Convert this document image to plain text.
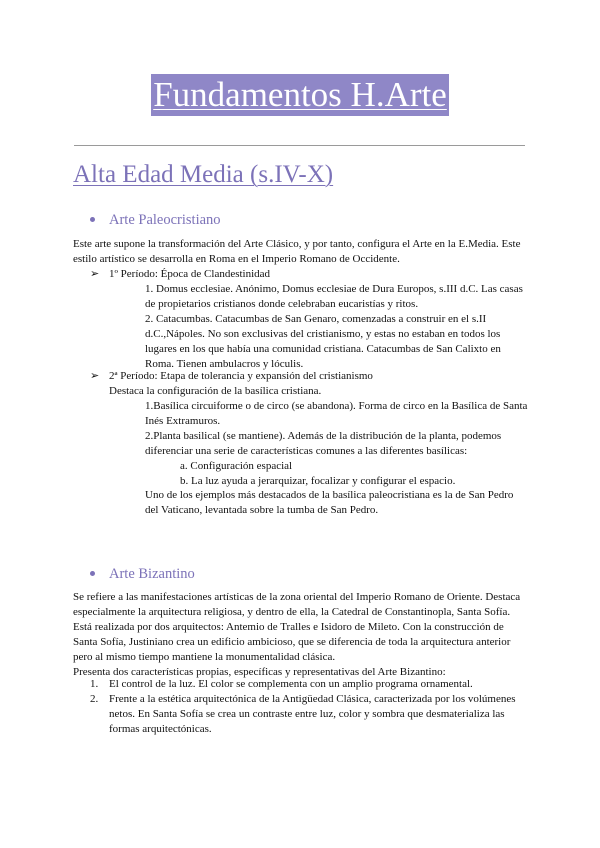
Fundamentos H.Arte
Alta Edad Media (s.IV-X)
Arte Paleocristiano
Este arte supone la transformación del Arte Clásico, y por tanto, configura el Arte en la E.Media. Este estilo artístico se desarrolla en Roma en el Imperio Romano de Occidente.
➢ 1º Período: Época de Clandestinidad

1. Domus ecclesiae. Anónimo, Domus ecclesiae de Dura Europos, s.III d.C. Las casas de propietarios cristianos donde celebraban eucaristías y ritos.

2. Catacumbas. Catacumbas de San Genaro, comenzadas a construir en el s.II d.C.,Nápoles. No son exclusivas del cristianismo, y estas no estaban en todos los lugares en los que había una comunidad cristiana. Catacumbas de San Calixto en Roma. Tienen ambulacros y lóculis.

➢ 2ª Período: Etapa de tolerancia y expansión del cristianismo
Destaca la configuración de la basílica cristiana.

1.Basílica circuiforme o de circo (se abandona). Forma de circo en la Basílica de Santa Inés Extramuros.

2.Planta basilical (se mantiene). Además de la distribución de la planta, podemos diferenciar una serie de características comunes a las diferentes basílicas:

a. Configuración espacial

b. La luz ayuda a jerarquizar, focalizar y configurar el espacio.

Uno de los ejemplos más destacados de la basílica paleocristiana es la de San Pedro del Vaticano, levantada sobre la tumba de San Pedro.
Arte Bizantino

Se refiere a las manifestaciones artísticas de la zona oriental del Imperio Romano de Oriente. Destaca especialmente la arquitectura religiosa, y dentro de ella, la Catedral de Constantinopla, Santa Sofía. Está realizada por dos arquitectos: Antemio de Tralles e Isidoro de Mileto. Con la construcción de Santa Sofía, Justiniano crea un edificio ambicioso, que se diferencia de toda la arquitectura anterior pero al mismo tiempo mantiene la monumentalidad clásica.

Presenta dos características propias, específicas y representativas del Arte Bizantino:

1. El control de la luz. El color se complementa con un amplio programa ornamental.
2. Frente a la estética arquitectónica de la Antigüedad Clásica, caracterizada por los volúmenes netos. En Santa Sofía se crea un contraste entre luz, color y sombra que desmaterializa las formas arquitectónicas.
